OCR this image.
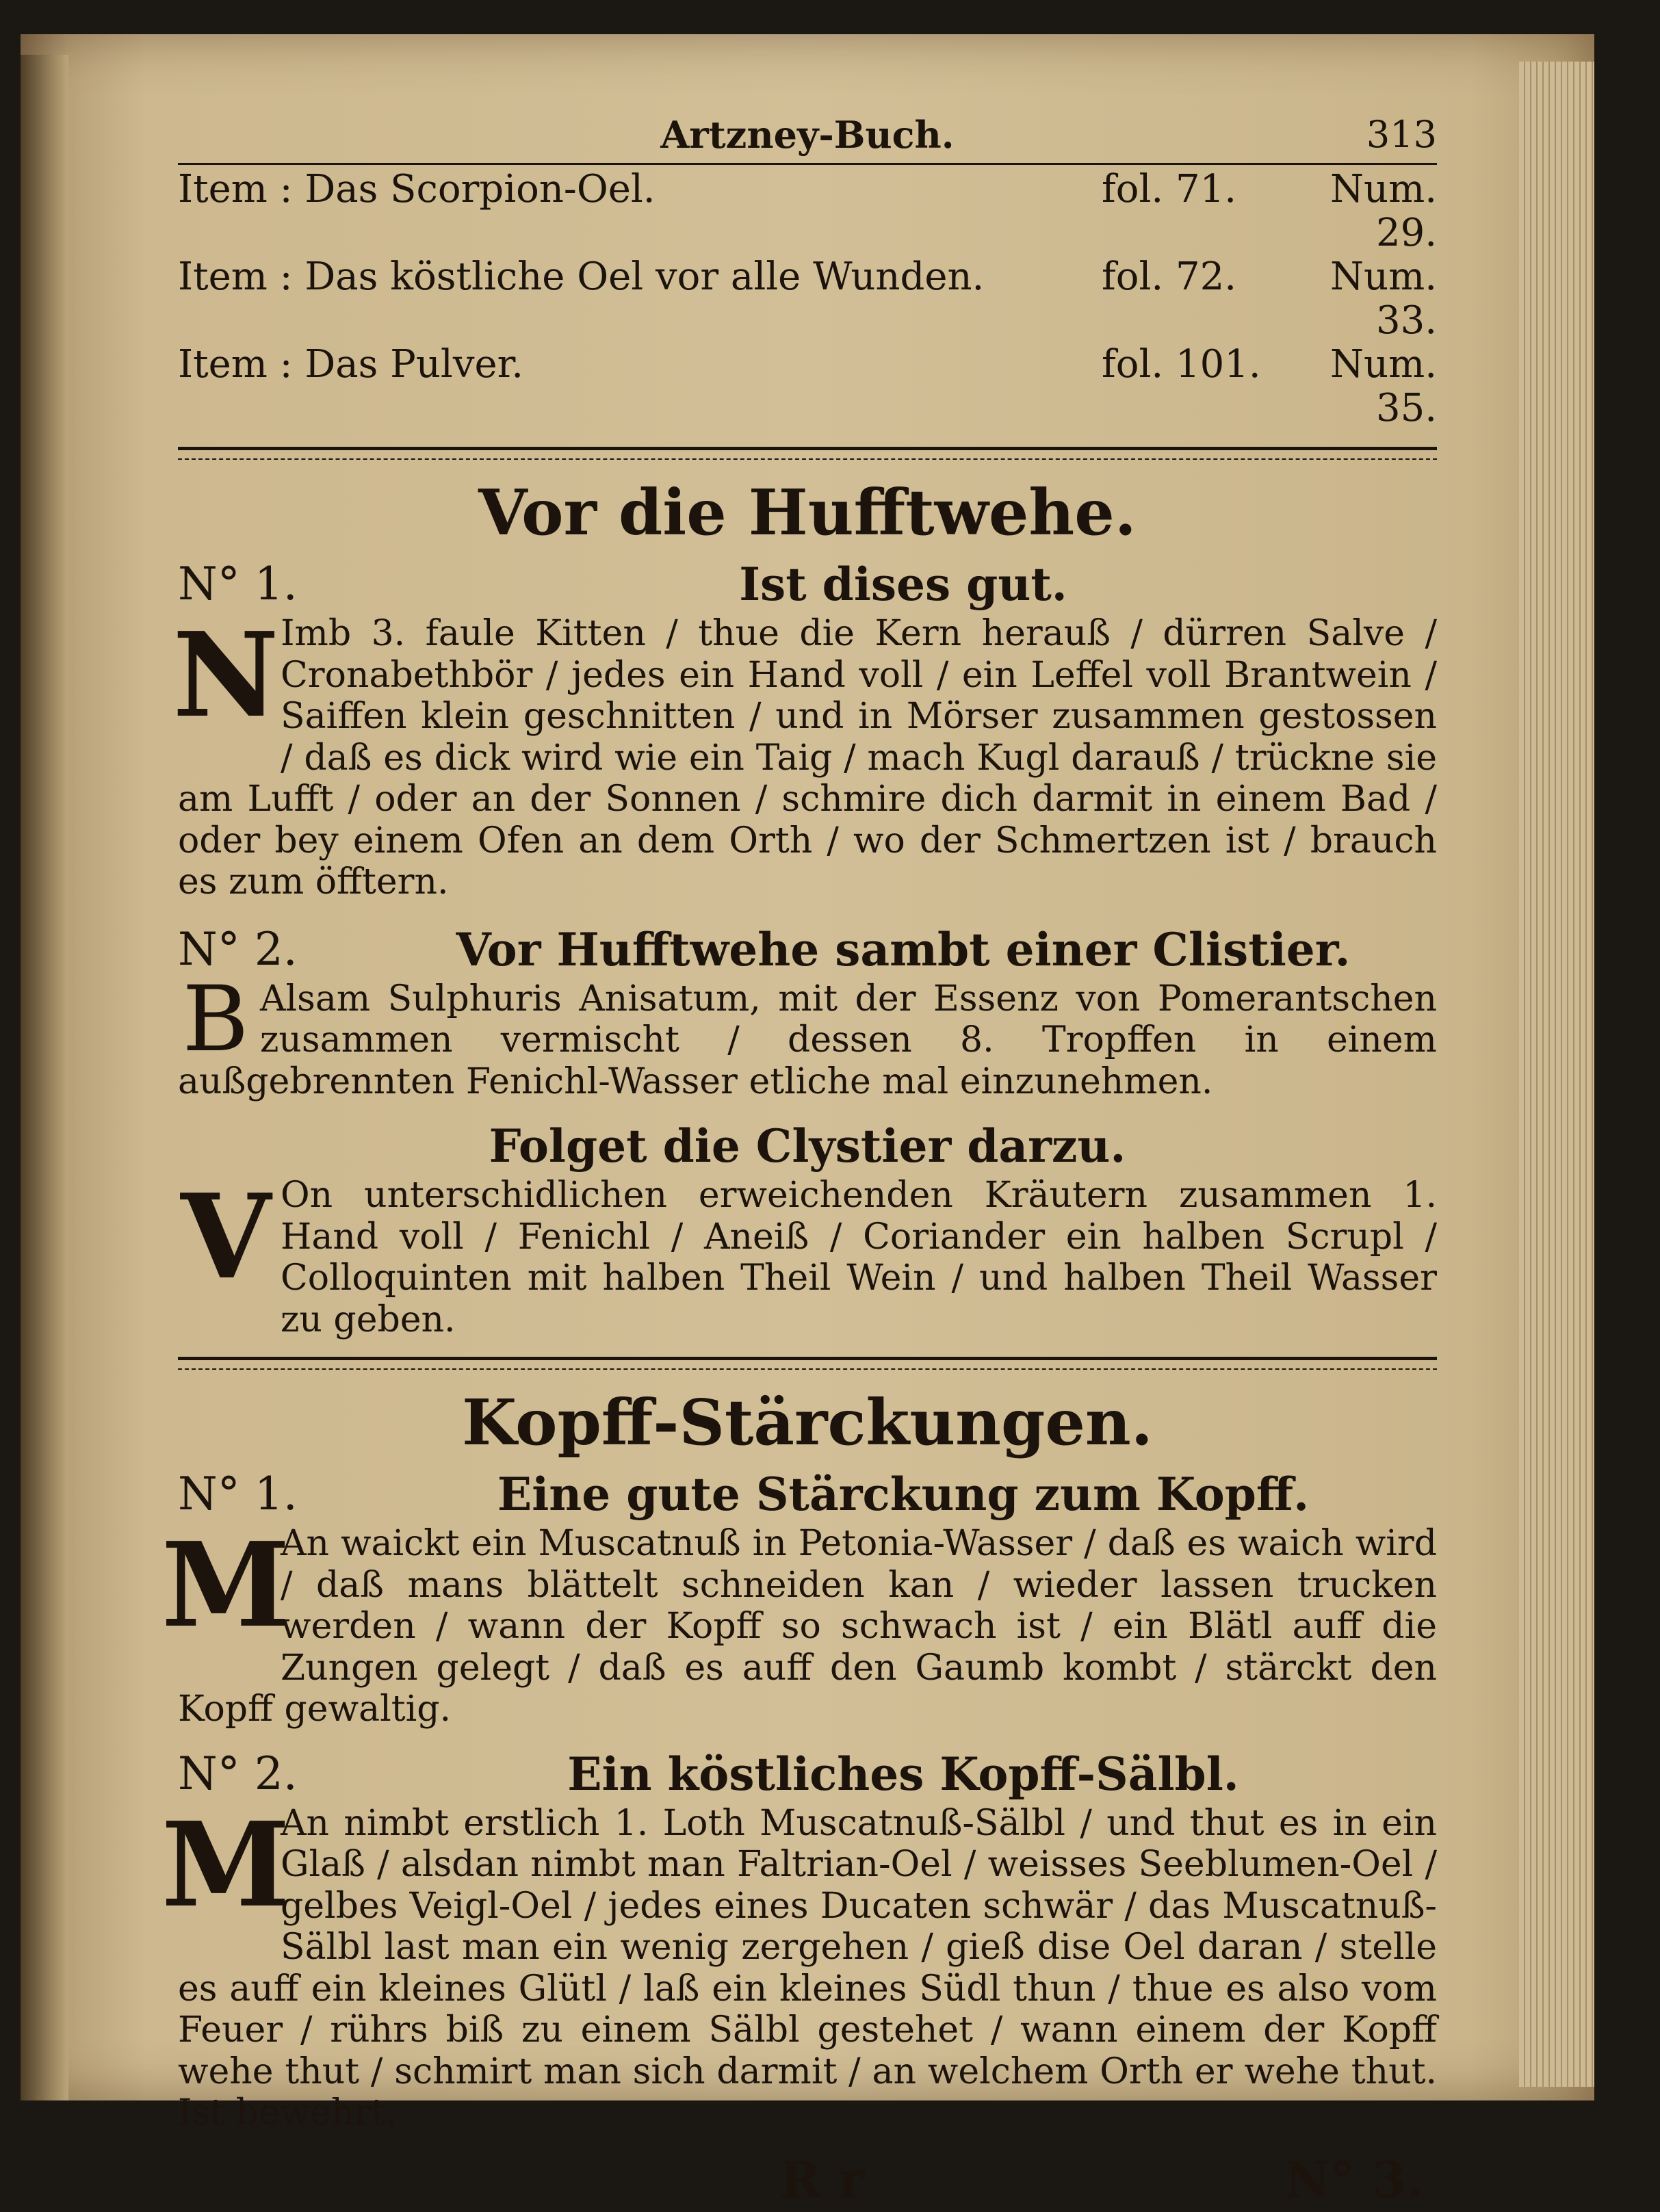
Artzney-Buch.	313
Item : Das Scorpion-Oel.	fol. 71.	Num. 29.
Item : Das köstliche Oel vor alle Wunden.	fol. 72.	Num. 33.
Item : Das Pulver.	fol. 101.	Num. 35.
Vor die Hufftwehe.
N° 1.	Ist dises gut.
N Imb 3. faule Kitten / thue die Kern herauß / dürren Salve / Cronabethbör / jedes ein Hand voll / ein Leffel voll Brantwein / Saiffen klein geschnitten / und in Mörser zusammen gestossen / daß es dick wird wie ein Taig / mach Kugl darauß / trückne sie am Lufft / oder an der Sonnen / schmire dich darmit in einem Bad / oder bey einem Ofen an dem Orth / wo der Schmertzen ist / brauch es zum öfftern.
N° 2.	Vor Hufftwehe sambt einer Clistier.
B Alsam Sulphuris Anisatum, mit der Essenz von Pomerantschen zusammen vermischt / dessen 8. Tropffen in einem außgebrennten Fenichl-Wasser etliche mal einzunehmen.
Folget die Clystier darzu.
V On unterschidlichen erweichenden Kräutern zusammen 1. Hand voll / Fenichl / Aneiß / Coriander ein halben Scrupl / Colloquinten mit halben Theil Wein / und halben Theil Wasser zu geben.
Kopff-Stärckungen.
N° 1.	Eine gute Stärckung zum Kopff.
M
An waickt ein Muscatnuß in Petonia-Wasser / daß es waich wird / daß mans blättelt schneiden kan / wieder lassen trucken werden / wann der Kopff so schwach ist / ein Blätl auff die Zungen gelegt / daß es auff den Gaumb kombt / stärckt den Kopff gewaltig.
N° 2.	Ein köstliches Kopff-Sälbl.
M
An nimbt erstlich 1. Loth Muscatnuß-Sälbl / und thut es in ein Glaß / alsdan nimbt man Faltrian-Oel / weisses Seeblumen-Oel / gelbes Veigl-Oel / jedes eines Ducaten schwär / das Muscatnuß-Sälbl last man ein wenig zergehen / gieß dise Oel daran / stelle es auff ein kleines Glütl / laß ein kleines Südl thun / thue es also vom Feuer / rührs biß zu einem Sälbl gestehet / wann einem der Kopff wehe thut / schmirt man sich darmit / an welchem Orth er wehe thut. Ist bewehrt.
R r	N° 3.
